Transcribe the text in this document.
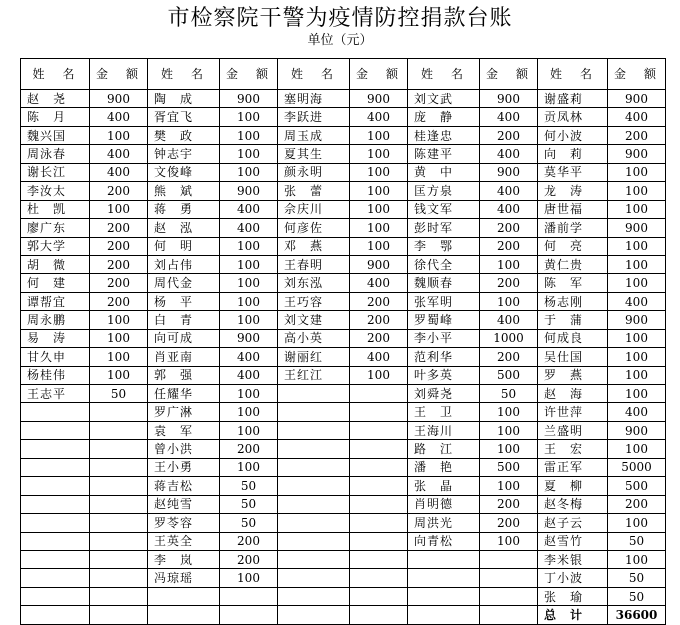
市检察院干警为疫情防控捐款台账
单位（元）
姓　名	金　额	姓　名	金　额	姓　名	金　额	姓　名	金　额	姓　名	金　额
赵　尧	900	陶　成	900	塞明海	900	刘文武	900	谢盛莉	900
陈　月	400	胥宜飞	100	李跃进	400	庞　静	400	贡凤林	400
魏兴国	100	樊　政	100	周玉成	100	桂逢忠	200	何小波	200
周泳春	400	钟志宇	100	夏其生	100	陈建平	400	向　莉	900
谢长江	400	文俊峰	100	颜永明	100	黄　中	900	莫华平	100
李汝太	200	熊　斌	900	张　蕾	100	匡方泉	400	龙　涛	100
杜　凯	100	蒋　勇	400	佘庆川	100	钱文军	400	唐世福	100
廖广东	200	赵　泓	400	何彦佐	100	彭时军	200	潘前学	900
郭大学	200	何　明	100	邓　燕	100	李　鄂	200	何　亮	100
胡　微	200	刘占伟	100	王春明	900	徐代全	100	黄仁贵	100
何　建	200	周代金	100	刘东泓	400	魏顺春	200	陈　军	100
谭帮宜	200	杨　平	100	王巧容	200	张军明	100	杨志刚	400
周永鹏	100	白　青	100	刘文建	200	罗蜀峰	400	于　蒲	900
易　涛	100	向可成	900	高小英	200	李小平	1000	何成良	100
甘久申	100	肖亚南	400	谢丽红	400	范利华	200	吴仕国	100
杨桂伟	100	郭　强	400	王红江	100	叶多英	500	罗　燕	100
王志平	50	任耀华	100			刘舜尧	50	赵　海	100
		罗广淋	100			王　卫	100	许世萍	400
		袁　军	100			王海川	100	兰盛明	900
		曾小洪	200			路　江	100	王　宏	100
		王小勇	100			潘　艳	500	雷正军	5000
		蒋吉松	50			张　晶	100	夏　柳	500
		赵纯雪	50			肖明德	200	赵冬梅	200
		罗苓容	50			周洪光	200	赵子云	100
		王英全	200			向青松	100	赵雪竹	50
		李　岚	200					李米银	100
		冯琼瑶	100					丁小波	50
								张　瑜	50
								总　计	36600
